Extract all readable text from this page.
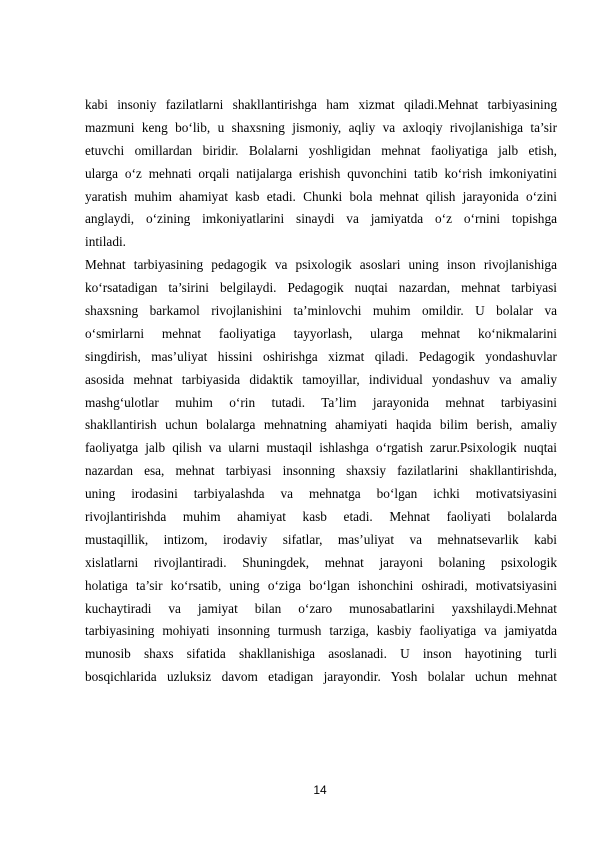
kabi insoniy fazilatlarni shakllantirishga ham xizmat qiladi.Mehnat tarbiyasining
mazmuni keng bo‘lib, u shaxsning jismoniy, aqliy va axloqiy rivojlanishiga ta’sir
etuvchi omillardan biridir. Bolalarni yoshligidan mehnat faoliyatiga jalb etish,
ularga o‘z mehnati orqali natijalarga erishish quvonchini tatib ko‘rish imkoniyatini
yaratish muhim ahamiyat kasb etadi. Chunki bola mehnat qilish jarayonida o‘zini
anglaydi, o‘zining imkoniyatlarini sinaydi va jamiyatda o‘z o‘rnini topishga
intiladi.
Mehnat tarbiyasining pedagogik va psixologik asoslari uning inson rivojlanishiga
ko‘rsatadigan ta’sirini belgilaydi. Pedagogik nuqtai nazardan, mehnat tarbiyasi
shaxsning barkamol rivojlanishini ta’minlovchi muhim omildir. U bolalar va
o‘smirlarni mehnat faoliyatiga tayyorlash, ularga mehnat ko‘nikmalarini
singdirish, mas’uliyat hissini oshirishga xizmat qiladi. Pedagogik yondashuvlar
asosida mehnat tarbiyasida didaktik tamoyillar, individual yondashuv va amaliy
mashg‘ulotlar muhim o‘rin tutadi. Ta’lim jarayonida mehnat tarbiyasini
shakllantirish uchun bolalarga mehnatning ahamiyati haqida bilim berish, amaliy
faoliyatga jalb qilish va ularni mustaqil ishlashga o‘rgatish zarur.Psixologik nuqtai
nazardan esa, mehnat tarbiyasi insonning shaxsiy fazilatlarini shakllantirishda,
uning irodasini tarbiyalashda va mehnatga bo‘lgan ichki motivatsiyasini
rivojlantirishda muhim ahamiyat kasb etadi. Mehnat faoliyati bolalarda
mustaqillik, intizom, irodaviy sifatlar, mas’uliyat va mehnatsevarlik kabi
xislatlarni rivojlantiradi. Shuningdek, mehnat jarayoni bolaning psixologik
holatiga ta’sir ko‘rsatib, uning o‘ziga bo‘lgan ishonchini oshiradi, motivatsiyasini
kuchaytiradi va jamiyat bilan o‘zaro munosabatlarini yaxshilaydi.Mehnat
tarbiyasining mohiyati insonning turmush tarziga, kasbiy faoliyatiga va jamiyatda
munosib shaxs sifatida shakllanishiga asoslanadi. U inson hayotining turli
bosqichlarida uzluksiz davom etadigan jarayondir. Yosh bolalar uchun mehnat
14
